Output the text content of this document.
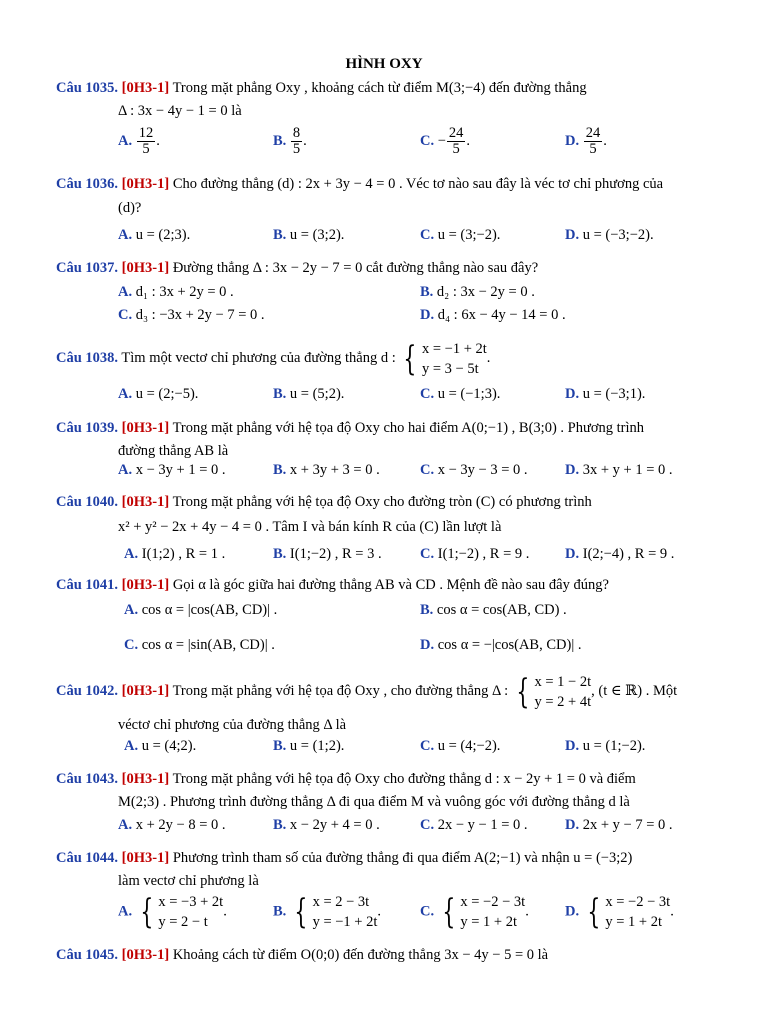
HÌNH OXY
Câu 1035. [0H3-1] Trong mặt phẳng Oxy , khoảng cách từ điểm M(3;−4) đến đường thẳng
Δ : 3x − 4y − 1 = 0 là
A. $\frac{12}{5}$ .	B. $\frac{8}{5}$ .	C. − $\frac{24}{5}$ .	D. $\frac{24}{5}$ .
Câu 1036. [0H3-1] Cho đường thẳng (d) : 2x + 3y − 4 = 0 . Véc tơ nào sau đây là véc tơ chỉ phương của
(d)?
A. u = (2;3).	B. u = (3;2).	C. u = (3;−2).	D. u = (−3;−2).
Câu 1037. [0H3-1] Đường thẳng Δ : 3x − 2y − 7 = 0 cắt đường thẳng nào sau đây?
A. d₁ : 3x + 2y = 0 .	B. d₂ : 3x − 2y = 0 .
C. d₃ : −3x + 2y − 7 = 0 .	D. d₄ : 6x − 4y − 14 = 0 .
Câu 1038. Tìm một vectơ chỉ phương của đường thẳng d : { x = −1 + 2t
y = 3 − 5t
.
A. u = (2;−5).	B. u = (5;2).	C. u = (−1;3).	D. u = (−3;1).
Câu 1039. [0H3-1] Trong mặt phẳng với hệ tọa độ Oxy cho hai điểm A(0;−1) , B(3;0) . Phương trình
đường thẳng AB là
A. x − 3y + 1 = 0 .	B. x + 3y + 3 = 0 .	C. x − 3y − 3 = 0 .	D. 3x + y + 1 = 0 .
Câu 1040. [0H3-1] Trong mặt phẳng với hệ tọa độ Oxy cho đường tròn (C) có phương trình
x² + y² − 2x + 4y − 4 = 0 . Tâm I và bán kính R của (C) lần lượt là
A. I(1;2) , R = 1 .	B. I(1;−2) , R = 3 .	C. I(1;−2) , R = 9 . D. I(2;−4) , R = 9 .
Câu 1041. [0H3-1] Gọi α là góc giữa hai đường thẳng AB và CD . Mệnh đề nào sau đây đúng?
A. cos α = |cos(AB, CD)| .	B. cos α = cos(AB, CD) .
C. cos α = |sin(AB, CD)| .	D. cos α = −|cos(AB, CD)| .
Câu 1042. [0H3-1] Trong mặt phẳng với hệ tọa độ Oxy , cho đường thẳng Δ : { x = 1 − 2t
y = 2 + 4t
, (t ∈ ℝ) . Một
véctơ chỉ phương của đường thẳng Δ là
A. u = (4;2).	B. u = (1;2).	C. u = (4;−2).	D. u = (1;−2).
Câu 1043. [0H3-1] Trong mặt phẳng với hệ tọa độ Oxy cho đường thẳng d : x − 2y + 1 = 0 và điểm
M(2;3) . Phương trình đường thẳng Δ đi qua điểm M và vuông góc với đường thẳng d là
A. x + 2y − 8 = 0 .	B. x − 2y + 4 = 0 .	C. 2x − y − 1 = 0 .	D. 2x + y − 7 = 0 .
Câu 1044. [0H3-1] Phương trình tham số của đường thẳng đi qua điểm A(2;−1) và nhận u = (−3;2)
làm vectơ chỉ phương là
A. { x = −3 + 2t
y = 2 − t
.	B. { x = 2 − 3t
y = −1 + 2t
.	C. { x = −2 − 3t
y = 1 + 2t
. D. { x = −2 − 3t
y = 1 + 2t
.
Câu 1045. [0H3-1] Khoảng cách từ điểm O(0;0) đến đường thẳng 3x − 4y − 5 = 0 là
